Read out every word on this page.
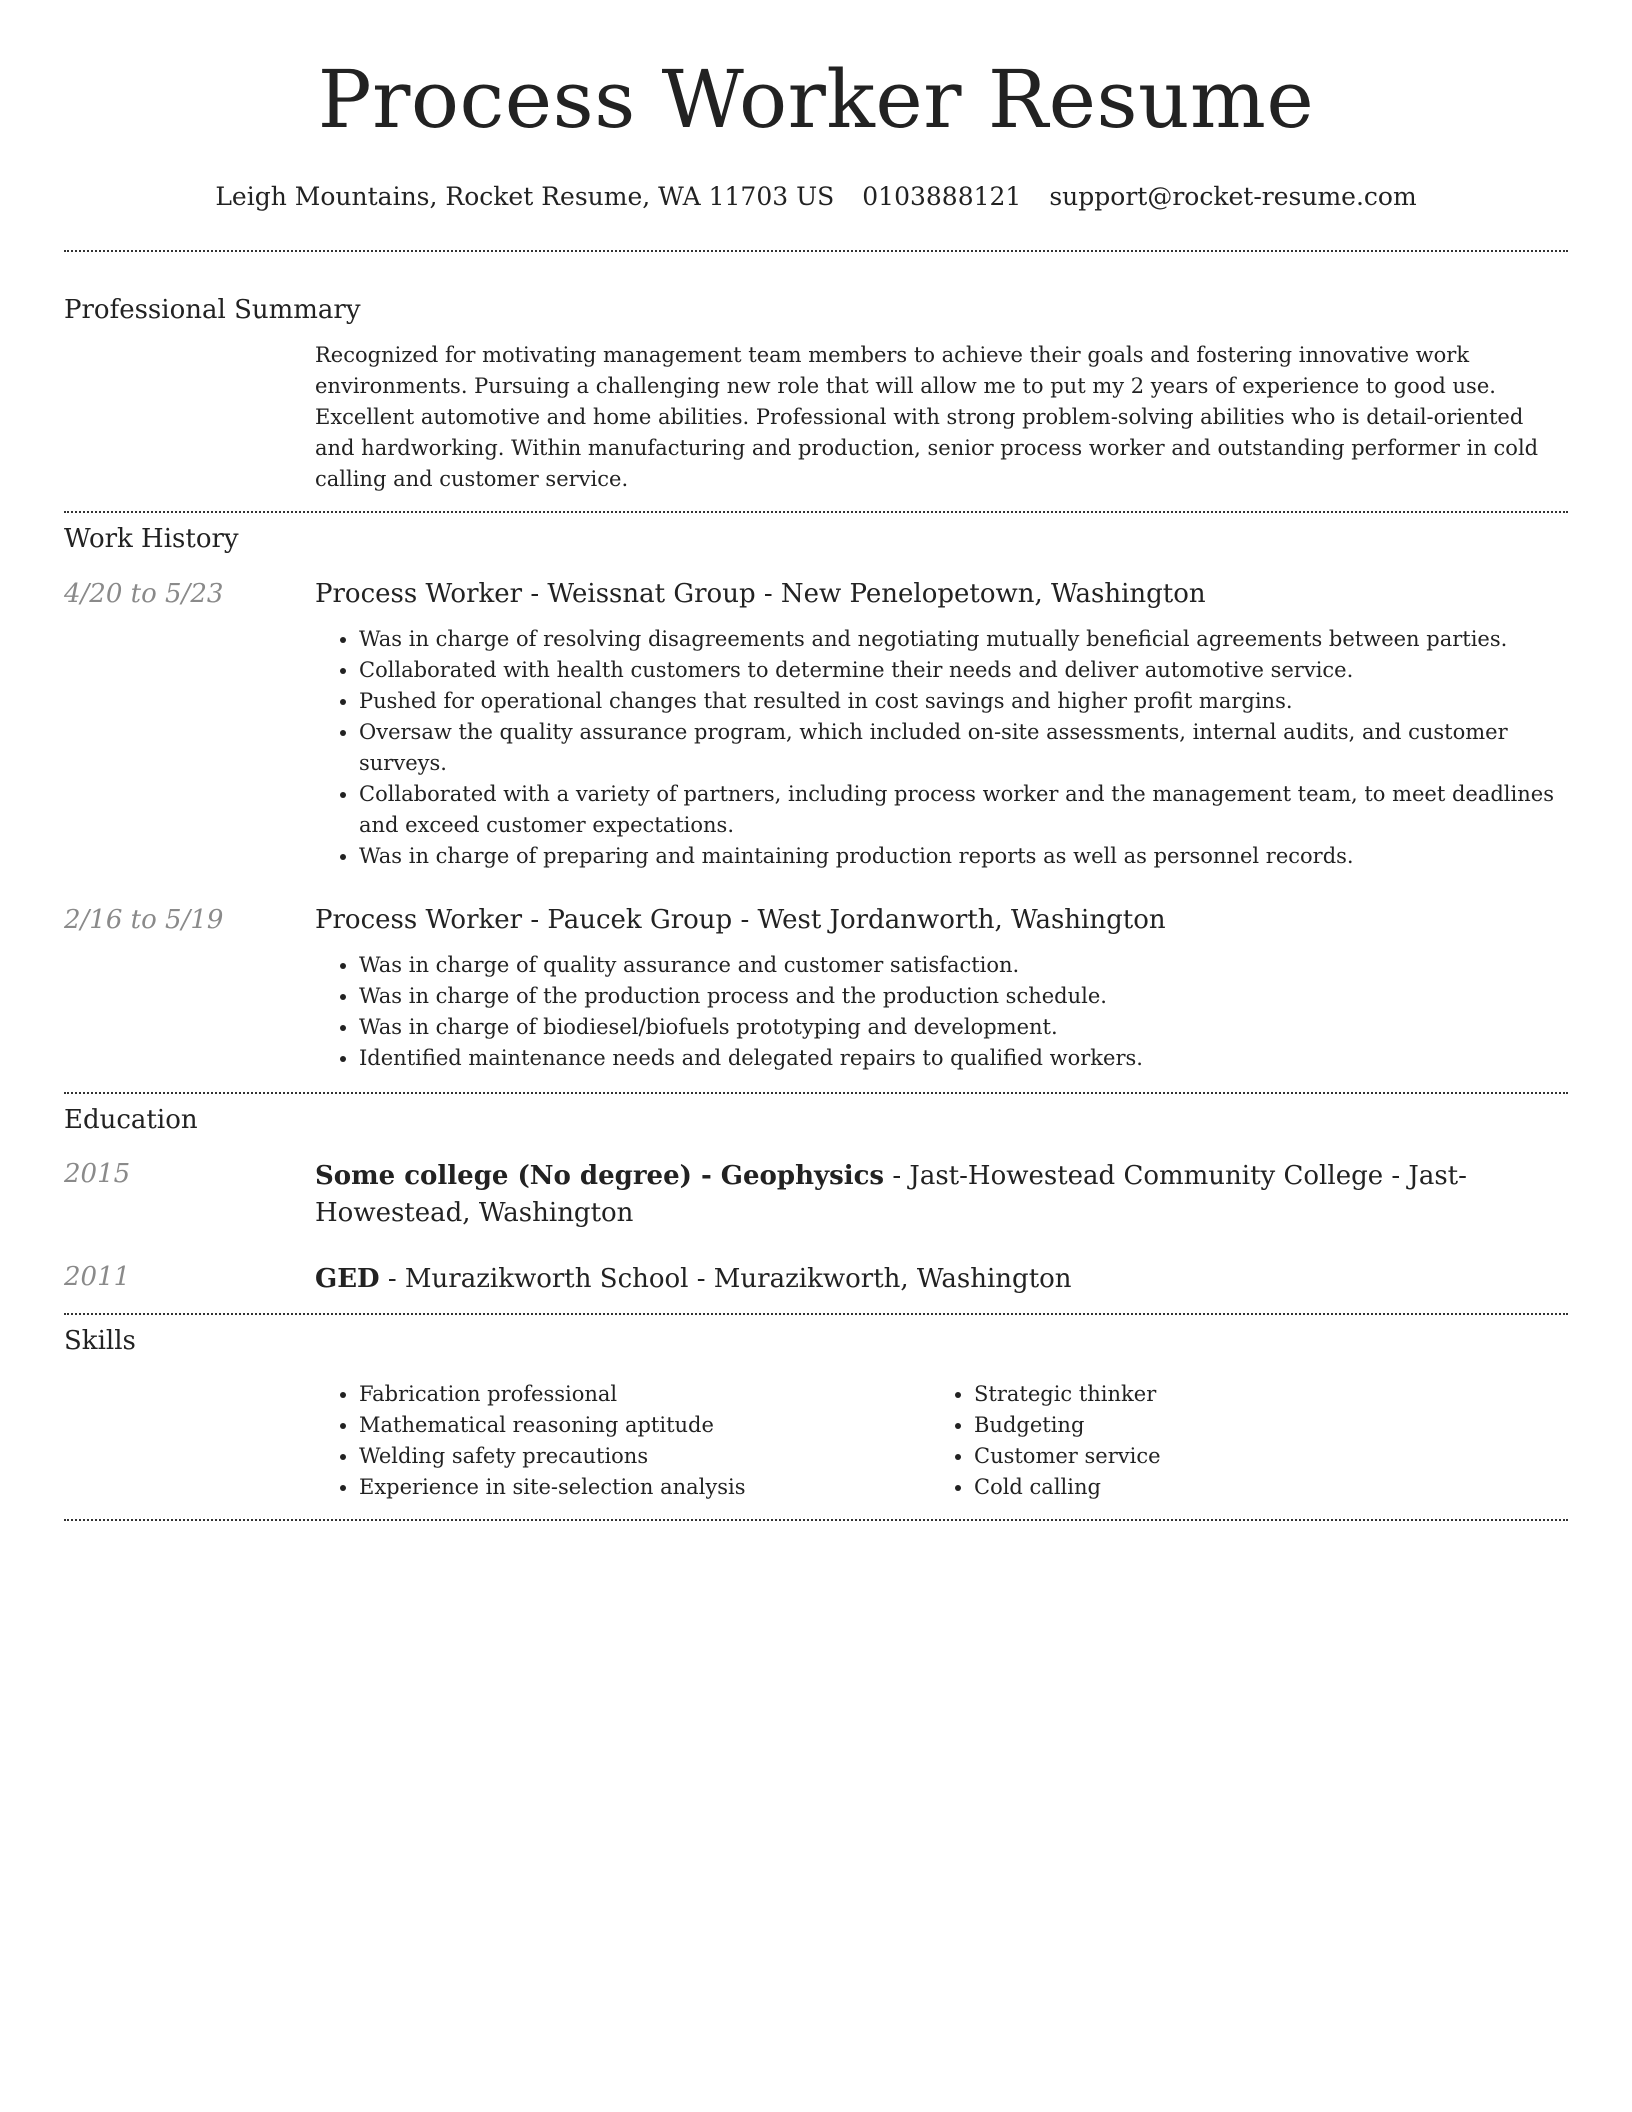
Process Worker Resume
Leigh Mountains, Rocket Resume, WA 11703 US 0103888121 support@rocket-resume.com
Professional Summary

Recognized for motivating management team members to achieve their goals and fostering innovative work environments. Pursuing a challenging new role that will allow me to put my 2 years of experience to good use. Excellent automotive and home abilities. Professional with strong problem-solving abilities who is detail-oriented and hardworking. Within manufacturing and production, senior process worker and outstanding performer in cold calling and customer service.

Work History
4/20 to 5/23	Process Worker - Weissnat Group - New Penelopetown, Washington
• Was in charge of resolving disagreements and negotiating mutually beneficial agreements between parties.
• Collaborated with health customers to determine their needs and deliver automotive service.
• Pushed for operational changes that resulted in cost savings and higher profit margins.
• Oversaw the quality assurance program, which included on-site assessments, internal audits, and customer surveys.
• Collaborated with a variety of partners, including process worker and the management team, to meet deadlines and exceed customer expectations.
• Was in charge of preparing and maintaining production reports as well as personnel records.
2/16 to 5/19	Process Worker - Paucek Group - West Jordanworth, Washington
• Was in charge of quality assurance and customer satisfaction.
• Was in charge of the production process and the production schedule.
• Was in charge of biodiesel/biofuels prototyping and development.
• Identified maintenance needs and delegated repairs to qualified workers.
Education
2015	Some college (No degree) - Geophysics - Jast-Howestead Community College - Jast-Howestead, Washington
2011	GED - Murazikworth School - Murazikworth, Washington
Skills
• Fabrication professional
• Mathematical reasoning aptitude
• Welding safety precautions
• Experience in site-selection analysis
• Strategic thinker
• Budgeting
• Customer service
• Cold calling
